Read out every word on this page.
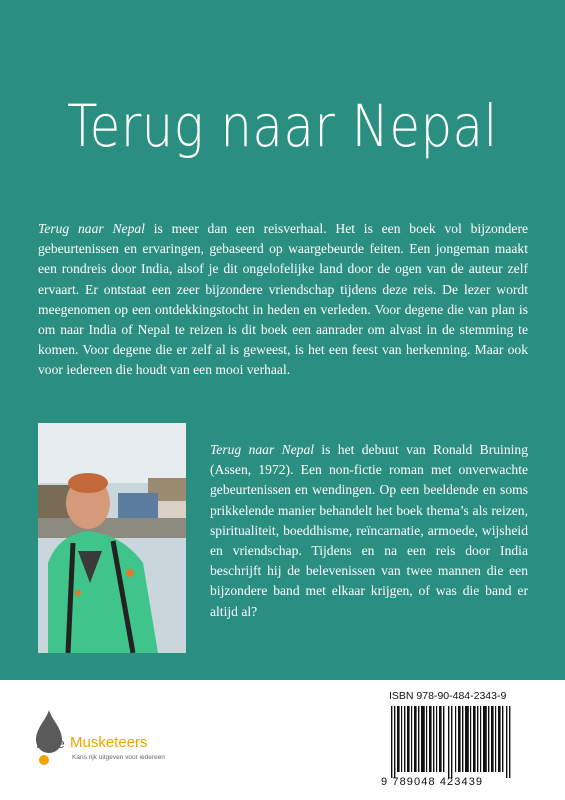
Terug naar Nepal

Terug naar Nepal is meer dan een reisverhaal. Het is een boek vol bijzondere gebeurtenissen en ervaringen, gebaseerd op waargebeurde feiten. Een jongeman maakt een rondreis door India, alsof je dit ongelofelijke land door de ogen van de auteur zelf ervaart. Er ontstaat een zeer bijzondere vriendschap tijdens deze reis. De lezer wordt meegenomen op een ontdekkingstocht in heden en verleden. Voor degene die van plan is om naar India of Nepal te reizen is dit boek een aanrader om alvast in de stemming te komen. Voor degene die er zelf al is geweest, is het een feest van herkenning. Maar ook voor iedereen die houdt van een mooi verhaal.

Terug naar Nepal is het debuut van Ronald Bruining (Assen, 1972). Een non-fictie roman met onverwachte gebeurtenissen en wendingen. Op een beeldende en soms prikkelende manier behandelt het boek thema’s als reizen, spiritualiteit, boeddhisme, reïncarnatie, armoede, wijsheid en vriendschap. Tijdens en na een reis door India beschrijft hij de belevenissen van twee mannen die een bijzondere band met elkaar krijgen, of was die band er altijd al?

Free Musketeers
Kans rijk uitgeven voor iedereen
ISBN 978-90-484-2343-9
9 789048 423439
